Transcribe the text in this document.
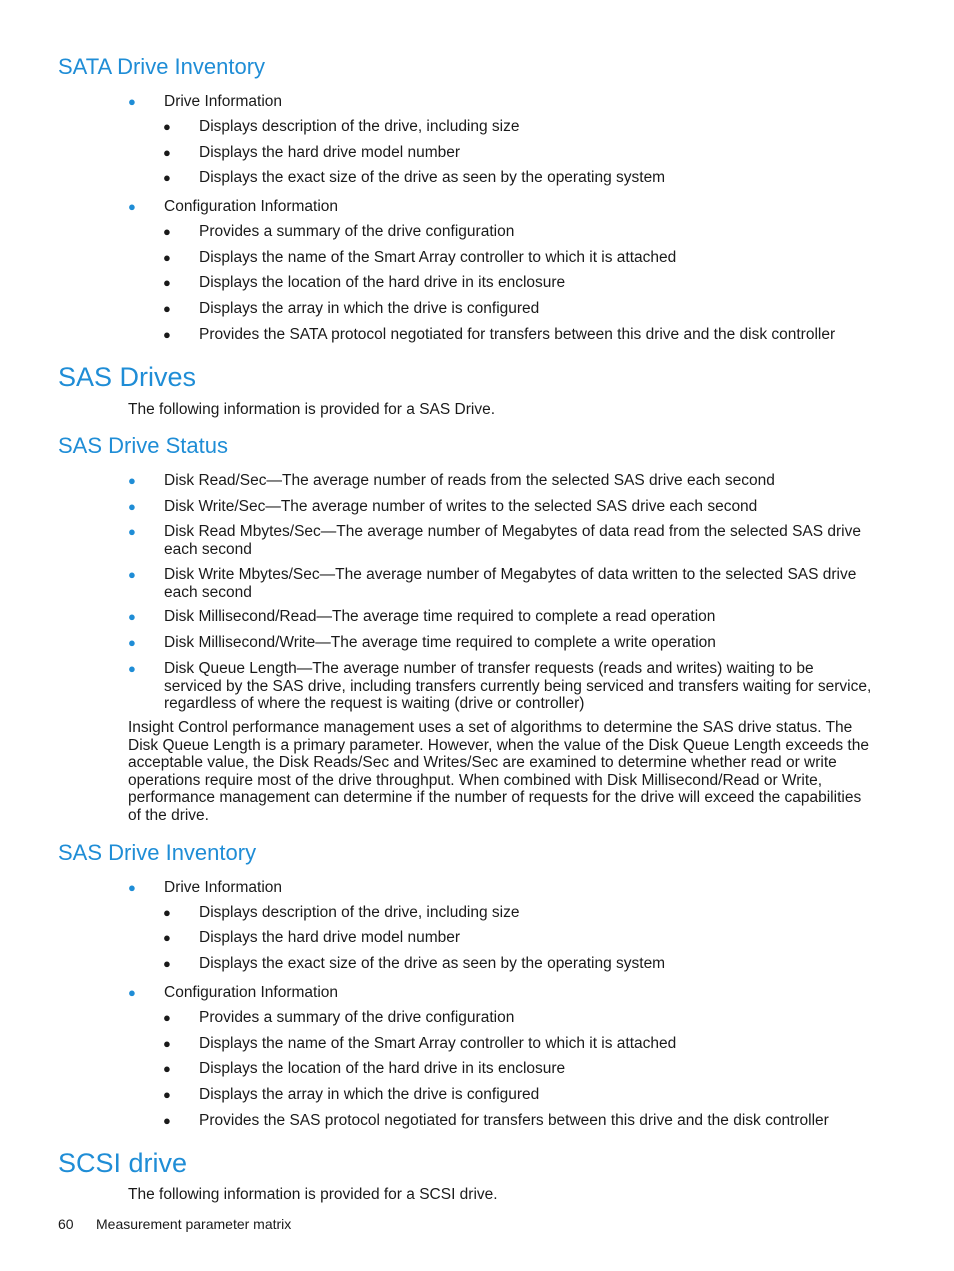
SATA Drive Inventory
● Drive Information
● Displays description of the drive, including size
● Displays the hard drive model number
● Displays the exact size of the drive as seen by the operating system
● Configuration Information
● Provides a summary of the drive configuration
● Displays the name of the Smart Array controller to which it is attached
● Displays the location of the hard drive in its enclosure
● Displays the array in which the drive is configured
● Provides the SATA protocol negotiated for transfers between this drive and the disk controller
SAS Drives
The following information is provided for a SAS Drive.
SAS Drive Status
● Disk Read/Sec—The average number of reads from the selected SAS drive each second
● Disk Write/Sec—The average number of writes to the selected SAS drive each second
● Disk Read Mbytes/Sec—The average number of Megabytes of data read from the selected SAS drive each second
● Disk Write Mbytes/Sec—The average number of Megabytes of data written to the selected SAS drive each second
● Disk Millisecond/Read—The average time required to complete a read operation
● Disk Millisecond/Write—The average time required to complete a write operation
● Disk Queue Length—The average number of transfer requests (reads and writes) waiting to be serviced by the SAS drive, including transfers currently being serviced and transfers waiting for service, regardless of where the request is waiting (drive or controller)
Insight Control performance management uses a set of algorithms to determine the SAS drive status. The Disk Queue Length is a primary parameter. However, when the value of the Disk Queue Length exceeds the acceptable value, the Disk Reads/Sec and Writes/Sec are examined to determine whether read or write operations require most of the drive throughput. When combined with Disk Millisecond/Read or Write, performance management can determine if the number of requests for the drive will exceed the capabilities of the drive.
SAS Drive Inventory
● Drive Information
● Displays description of the drive, including size
● Displays the hard drive model number
● Displays the exact size of the drive as seen by the operating system
● Configuration Information
● Provides a summary of the drive configuration
● Displays the name of the Smart Array controller to which it is attached
● Displays the location of the hard drive in its enclosure
● Displays the array in which the drive is configured
● Provides the SAS protocol negotiated for transfers between this drive and the disk controller
SCSI drive
The following information is provided for a SCSI drive.
60 Measurement parameter matrix
